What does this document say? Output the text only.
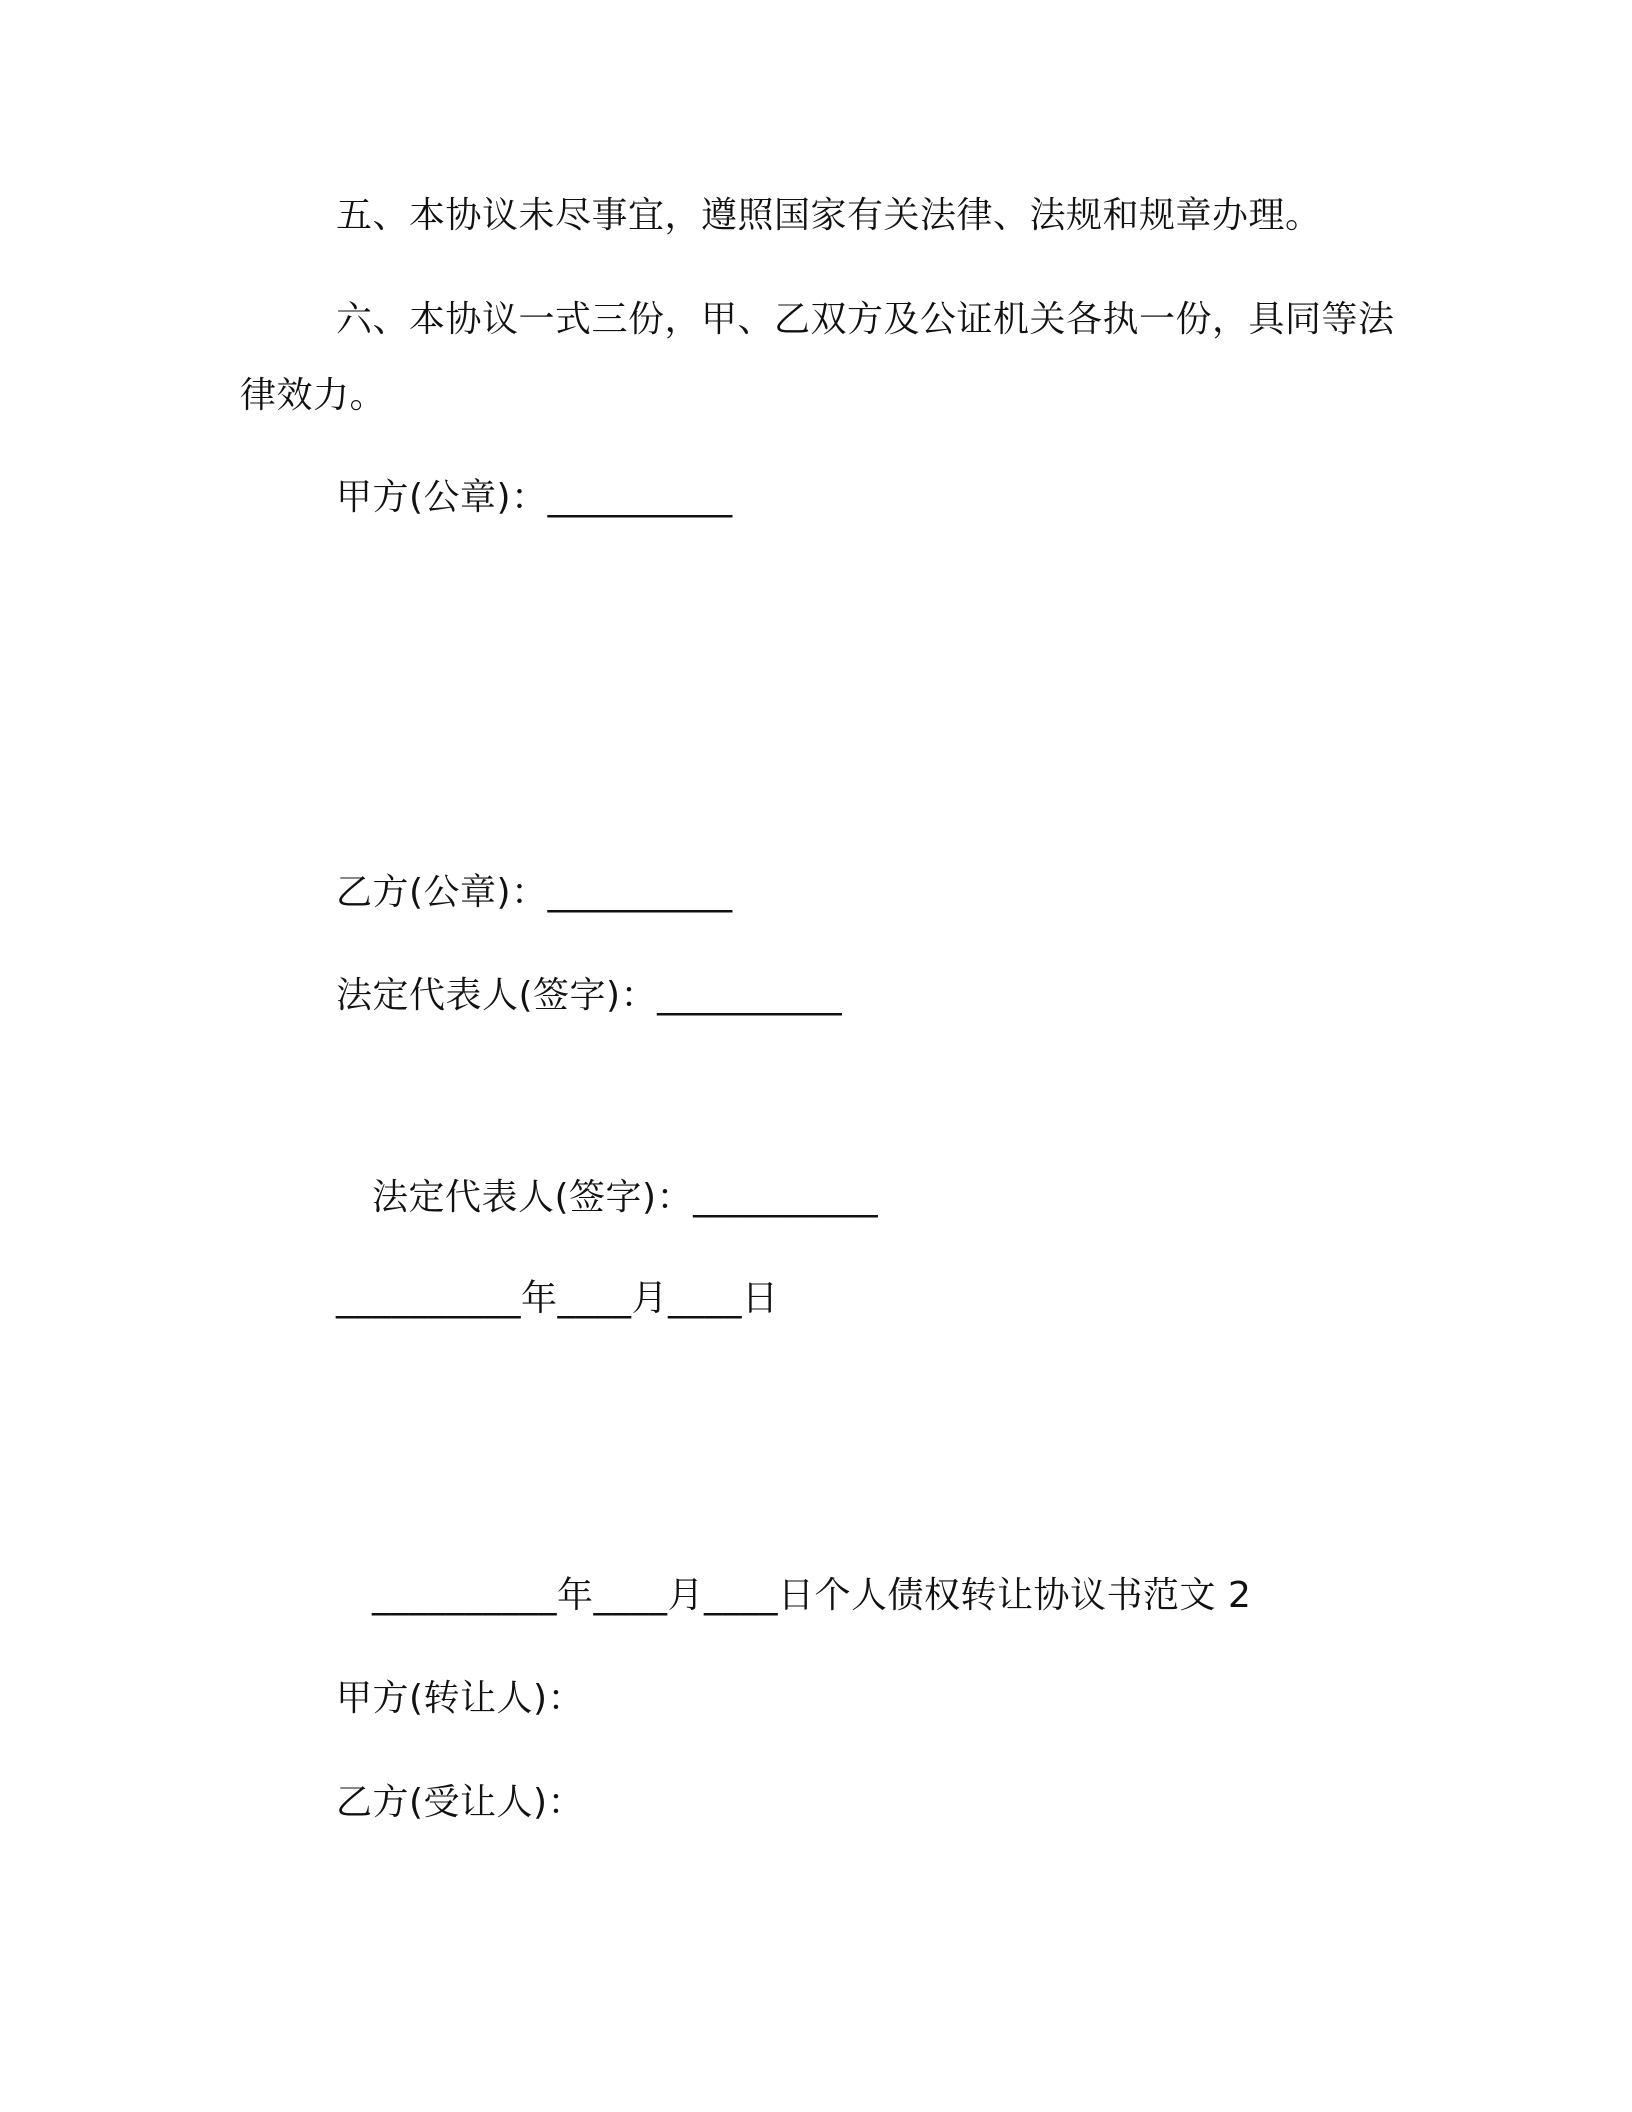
五、本协议未尽事宜，遵照国家有关法律、法规和规章办理。
六、本协议一式三份，甲、乙双方及公证机关各执一份，具同等法律效力。
甲方(公章)：__________
乙方(公章)：__________
法定代表人(签字)：__________
法定代表人(签字)：__________
__________年____月____日
__________年____月____日个人债权转让协议书范文 2
甲方(转让人)：
乙方(受让人)：
